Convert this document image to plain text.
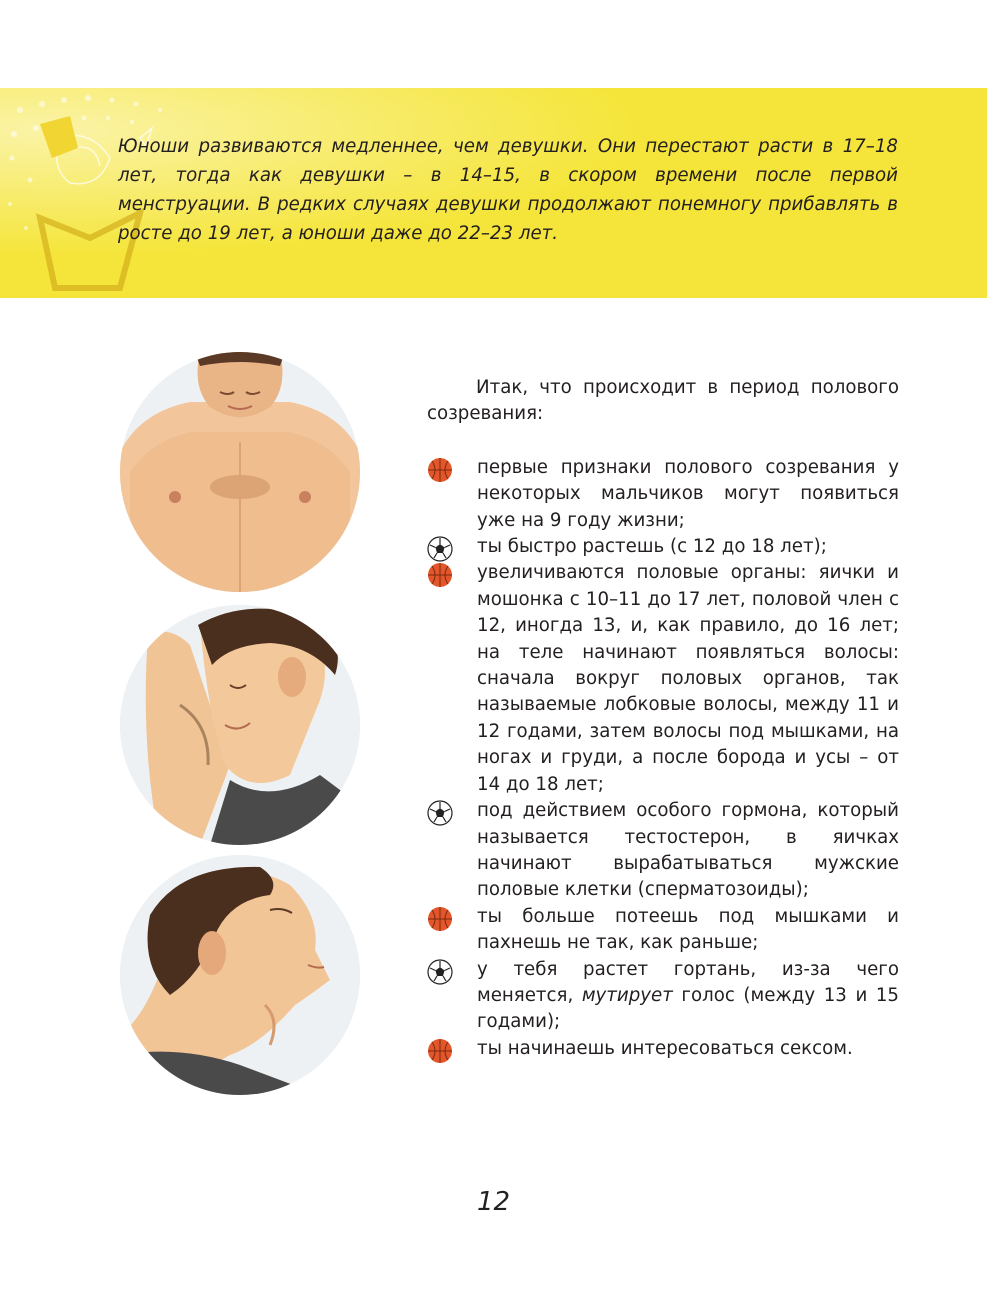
Юноши развиваются медленнее, чем девушки. Они перестают расти в 17–18 лет, тогда как девушки – в 14–15, в скором времени после первой менструации. В редких случаях девушки продолжают понемногу прибавлять в росте до 19 лет, а юноши даже до 22–23 лет.

Итак, что происходит в период полового созревания:

первые признаки полового созревания у некоторых мальчиков могут появиться уже на 9 году жизни;
ты быстро растешь (с 12 до 18 лет);
увеличиваются половые органы: яички и мошонка с 10–11 до 17 лет, половой член с 12, иногда 13, и, как правило, до 16 лет; на теле начинают появляться волосы: сначала вокруг половых органов, так называемые лобковые волосы, между 11 и 12 годами, затем волосы под мышками, на ногах и груди, а после борода и усы – от 14 до 18 лет;
под действием особого гормона, который называется тестостерон, в яичках начинают вырабатываться мужские половые клетки (сперматозоиды);
ты больше потеешь под мышками и пахнешь не так, как раньше;
у тебя растет гортань, из-за чего меняется, мутирует голос (между 13 и 15 годами);
ты начинаешь интересоваться сексом.
12
